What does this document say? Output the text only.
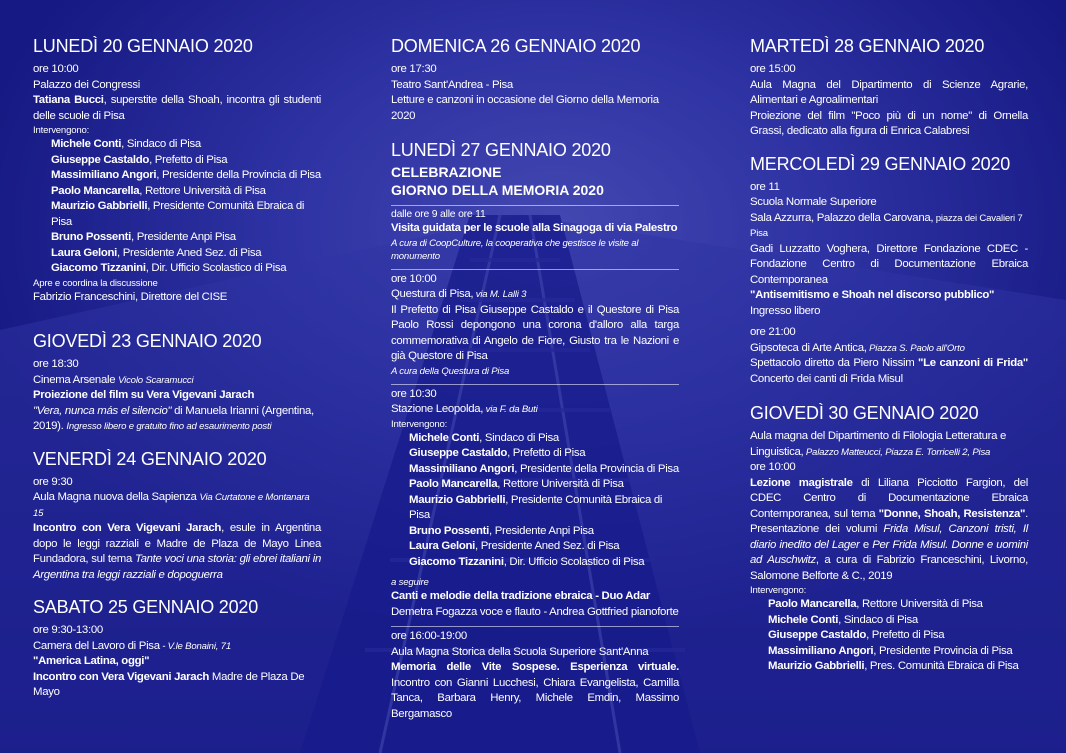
LUNEDÌ 20 GENNAIO 2020
ore 10:00
Palazzo dei Congressi
Tatiana Bucci, superstite della Shoah, incontra gli studenti delle scuole di Pisa
Intervengono:
Michele Conti, Sindaco di Pisa
Giuseppe Castaldo, Prefetto di Pisa
Massimiliano Angori, Presidente della Provincia di Pisa
Paolo Mancarella, Rettore Università di Pisa
Maurizio Gabbrielli, Presidente Comunità Ebraica di Pisa
Bruno Possenti, Presidente Anpi Pisa
Laura Geloni, Presidente Aned Sez. di Pisa
Giacomo Tizzanini, Dir. Ufficio Scolastico di Pisa
Apre e coordina la discussione
Fabrizio Franceschini, Direttore del CISE
GIOVEDÌ 23 GENNAIO 2020
ore 18:30
Cinema Arsenale Vicolo Scaramucci
Proiezione del film su Vera Vigevani Jarach
"Vera, nunca más el silencio" di Manuela Irianni (Argentina, 2019). Ingresso libero e gratuito fino ad esaurimento posti
VENERDÌ 24 GENNAIO 2020
ore 9:30
Aula Magna nuova della Sapienza Via Curtatone e Montanara 15
Incontro con Vera Vigevani Jarach, esule in Argentina dopo le leggi razziali e Madre de Plaza de Mayo Linea Fundadora, sul tema Tante voci una storia: gli ebrei italiani in Argentina tra leggi razziali e dopoguerra
SABATO 25 GENNAIO 2020
ore 9:30-13:00
Camera del Lavoro di Pisa - V.le Bonaini, 71
"America Latina, oggi"
Incontro con Vera Vigevani Jarach Madre de Plaza De Mayo
DOMENICA 26 GENNAIO 2020
ore 17:30
Teatro Sant'Andrea - Pisa
Letture e canzoni in occasione del Giorno della Memoria 2020
LUNEDÌ 27 GENNAIO 2020
CELEBRAZIONE
GIORNO DELLA MEMORIA 2020
dalle ore 9 alle ore 11
Visita guidata per le scuole alla Sinagoga di via Palestro
A cura di CoopCulture, la cooperativa che gestisce le visite al monumento
ore 10:00
Questura di Pisa, via M. Lalli 3
Il Prefetto di Pisa Giuseppe Castaldo e il Questore di Pisa Paolo Rossi depongono una corona d'alloro alla targa commemorativa di Angelo de Fiore, Giusto tra le Nazioni e già Questore di Pisa
A cura della Questura di Pisa
ore 10:30
Stazione Leopolda, via F. da Buti
Intervengono:
Michele Conti, Sindaco di Pisa
Giuseppe Castaldo, Prefetto di Pisa
Massimiliano Angori, Presidente della Provincia di Pisa
Paolo Mancarella, Rettore Università di Pisa
Maurizio Gabbrielli, Presidente Comunità Ebraica di Pisa
Bruno Possenti, Presidente Anpi Pisa
Laura Geloni, Presidente Aned Sez. di Pisa
Giacomo Tizzanini, Dir. Ufficio Scolastico di Pisa
a seguire
Canti e melodie della tradizione ebraica - Duo Adar
Demetra Fogazza voce e flauto - Andrea Gottfried pianoforte
ore 16:00-19:00
Aula Magna Storica della Scuola Superiore Sant'Anna
Memoria delle Vite Sospese. Esperienza virtuale. Incontro con Gianni Lucchesi, Chiara Evangelista, Camilla Tanca, Barbara Henry, Michele Emdin, Massimo Bergamasco
MARTEDÌ 28 GENNAIO 2020
ore 15:00
Aula Magna del Dipartimento di Scienze Agrarie, Alimentari e Agroalimentari
Proiezione del film "Poco più di un nome" di Ornella Grassi, dedicato alla figura di Enrica Calabresi
MERCOLEDÌ 29 GENNAIO 2020
ore 11
Scuola Normale Superiore
Sala Azzurra, Palazzo della Carovana, piazza dei Cavalieri 7 Pisa
Gadi Luzzatto Voghera, Direttore Fondazione CDEC - Fondazione Centro di Documentazione Ebraica Contemporanea
"Antisemitismo e Shoah nel discorso pubblico"
Ingresso libero
ore 21:00
Gipsoteca di Arte Antica, Piazza S. Paolo all'Orto
Spettacolo diretto da Piero Nissim "Le canzoni di Frida" Concerto dei canti di Frida Misul
GIOVEDÌ 30 GENNAIO 2020
Aula magna del Dipartimento di Filologia Letteratura e Linguistica, Palazzo Matteucci, Piazza E. Torricelli 2, Pisa
ore 10:00
Lezione magistrale di Liliana Picciotto Fargion, del CDEC Centro di Documentazione Ebraica Contemporanea, sul tema "Donne, Shoah, Resistenza". Presentazione dei volumi Frida Misul, Canzoni tristi, Il diario inedito del Lager e Per Frida Misul. Donne e uomini ad Auschwitz, a cura di Fabrizio Franceschini, Livorno, Salomone Belforte & C., 2019
Intervengono:
Paolo Mancarella, Rettore Università di Pisa
Michele Conti, Sindaco di Pisa
Giuseppe Castaldo, Prefetto di Pisa
Massimiliano Angori, Presidente Provincia di Pisa
Maurizio Gabbrielli, Pres. Comunità Ebraica di Pisa
